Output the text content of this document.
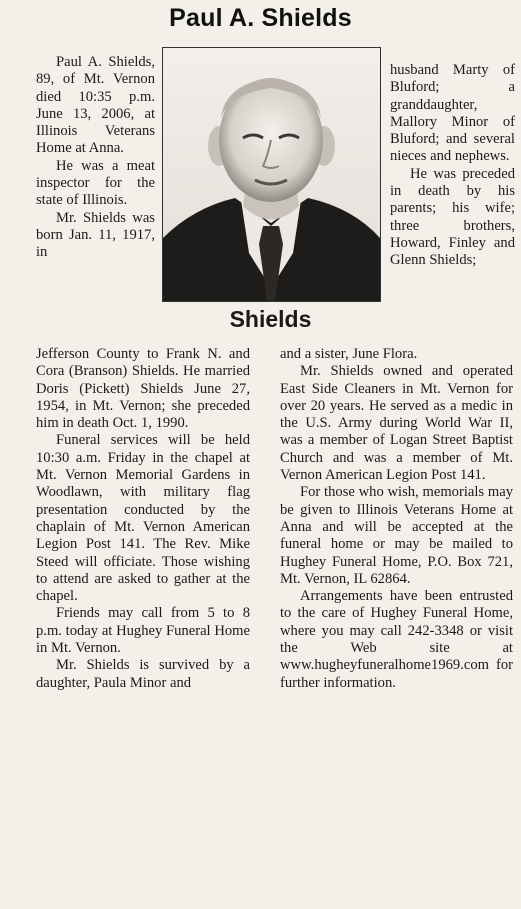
Paul A. Shields

Paul A. Shields, 89, of Mt. Vernon died 10:35 p.m. June 13, 2006, at Illinois Veterans Home at Anna.

He was a meat inspector for the state of Illinois.

Mr. Shields was born Jan. 11, 1917, in

Shields

husband Marty of Bluford; a granddaughter, Mallory Minor of Bluford; and several nieces and nephews.

He was preceded in death by his parents; his wife; three brothers, Howard, Finley and Glenn Shields;

Jefferson County to Frank N. and Cora (Branson) Shields. He married Doris (Pickett) Shields June 27, 1954, in Mt. Vernon; she preceded him in death Oct. 1, 1990.

Funeral services will be held 10:30 a.m. Friday in the chapel at Mt. Vernon Memorial Gardens in Woodlawn, with military flag presentation conducted by the chaplain of Mt. Vernon American Legion Post 141. The Rev. Mike Steed will officiate. Those wishing to attend are asked to gather at the chapel.

Friends may call from 5 to 8 p.m. today at Hughey Funeral Home in Mt. Vernon.

Mr. Shields is survived by a daughter, Paula Minor and

and a sister, June Flora.

Mr. Shields owned and operated East Side Cleaners in Mt. Vernon for over 20 years. He served as a medic in the U.S. Army during World War II, was a member of Logan Street Baptist Church and was a member of Mt. Vernon American Legion Post 141.

For those who wish, memorials may be given to Illinois Veterans Home at Anna and will be accepted at the funeral home or may be mailed to Hughey Funeral Home, P.O. Box 721, Mt. Vernon, IL 62864.

Arrangements have been entrusted to the care of Hughey Funeral Home, where you may call 242-3348 or visit the Web site at www.hugheyfuneralhome1969.com for further information.
